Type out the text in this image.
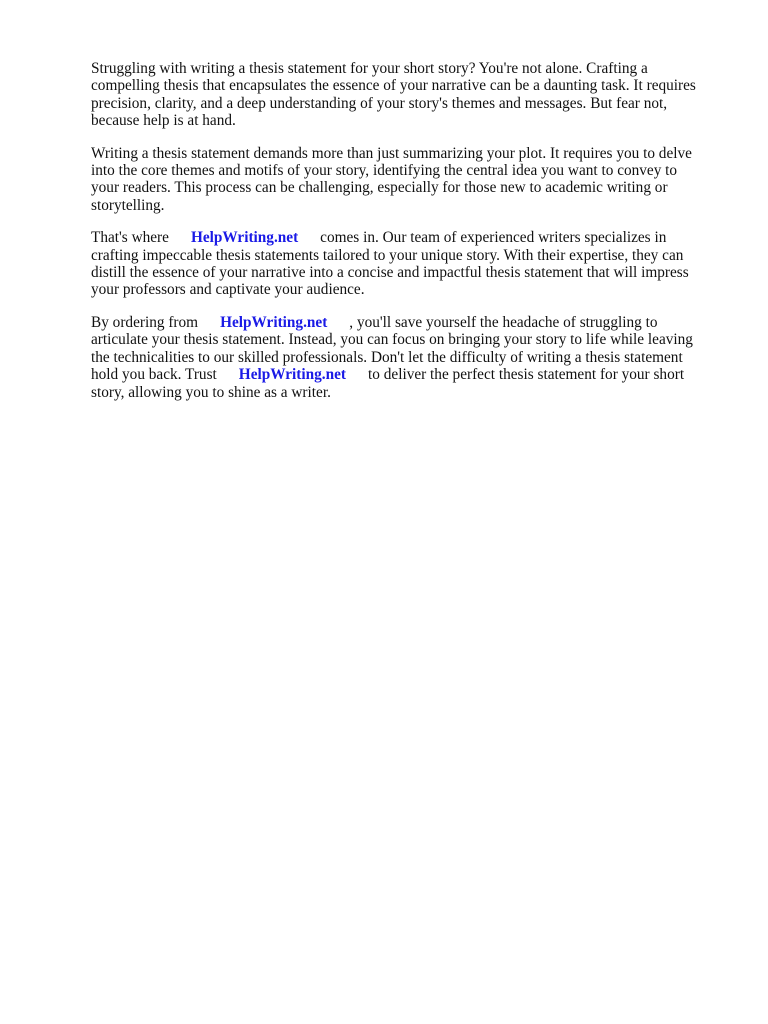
Struggling with writing a thesis statement for your short story? You're not alone. Crafting a
compelling thesis that encapsulates the essence of your narrative can be a daunting task. It requires
precision, clarity, and a deep understanding of your story's themes and messages. But fear not,
because help is at hand.

Writing a thesis statement demands more than just summarizing your plot. It requires you to delve
into the core themes and motifs of your story, identifying the central idea you want to convey to
your readers. This process can be challenging, especially for those new to academic writing or
storytelling.

That's where HelpWriting.net comes in. Our team of experienced writers specializes in
crafting impeccable thesis statements tailored to your unique story. With their expertise, they can
distill the essence of your narrative into a concise and impactful thesis statement that will impress
your professors and captivate your audience.

By ordering from HelpWriting.net , you'll save yourself the headache of struggling to
articulate your thesis statement. Instead, you can focus on bringing your story to life while leaving
the technicalities to our skilled professionals. Don't let the difficulty of writing a thesis statement
hold you back. Trust HelpWriting.net to deliver the perfect thesis statement for your short
story, allowing you to shine as a writer.
